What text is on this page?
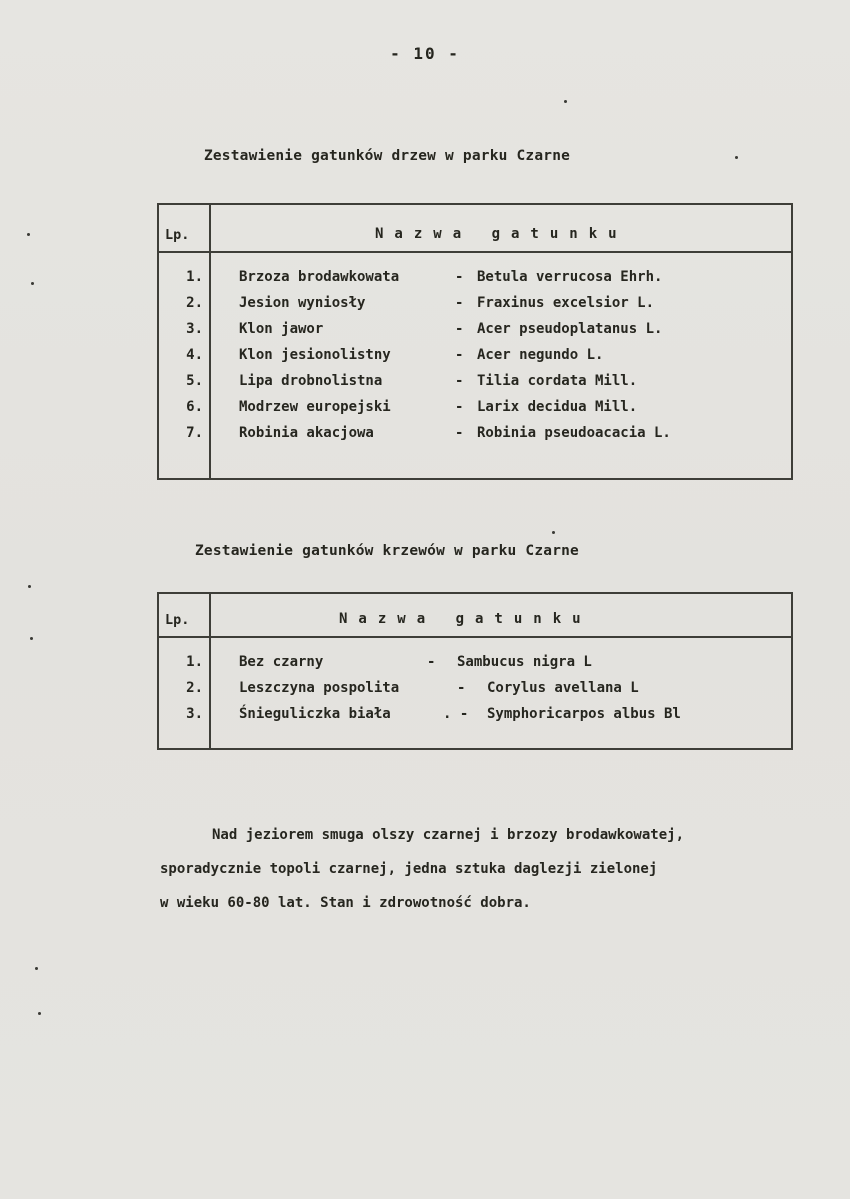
- 10 -
Zestawienie gatunków drzew w parku Czarne
Lp.	Nazwa gatunku
1.	Brzoza brodawkowata	- Betula verrucosa Ehrh.
2.	Jesion wyniosły	- Fraxinus excelsior L.
3.	Klon jawor	- Acer pseudoplatanus L.
4.	Klon jesionolistny	- Acer negundo L.
5.	Lipa drobnolistna	- Tilia cordata Mill.
6.	Modrzew europejski	- Larix decidua Mill.
7.	Robinia akacjowa	- Robinia pseudoacacia L.
Zestawienie gatunków krzewów w parku Czarne
Lp.	Nazwa gatunku
1.	Bez czarny	- Sambucus nigra L
2.	Leszczyna pospolita	- Corylus avellana L
3.	Śnieguliczka biała	. - Symphoricarpos albus Bl

Nad jeziorem smuga olszy czarnej i brzozy brodawkowatej,

sporadycznie topoli czarnej, jedna sztuka daglezji zielonej

w wieku 60-80 lat. Stan i zdrowotność dobra.
